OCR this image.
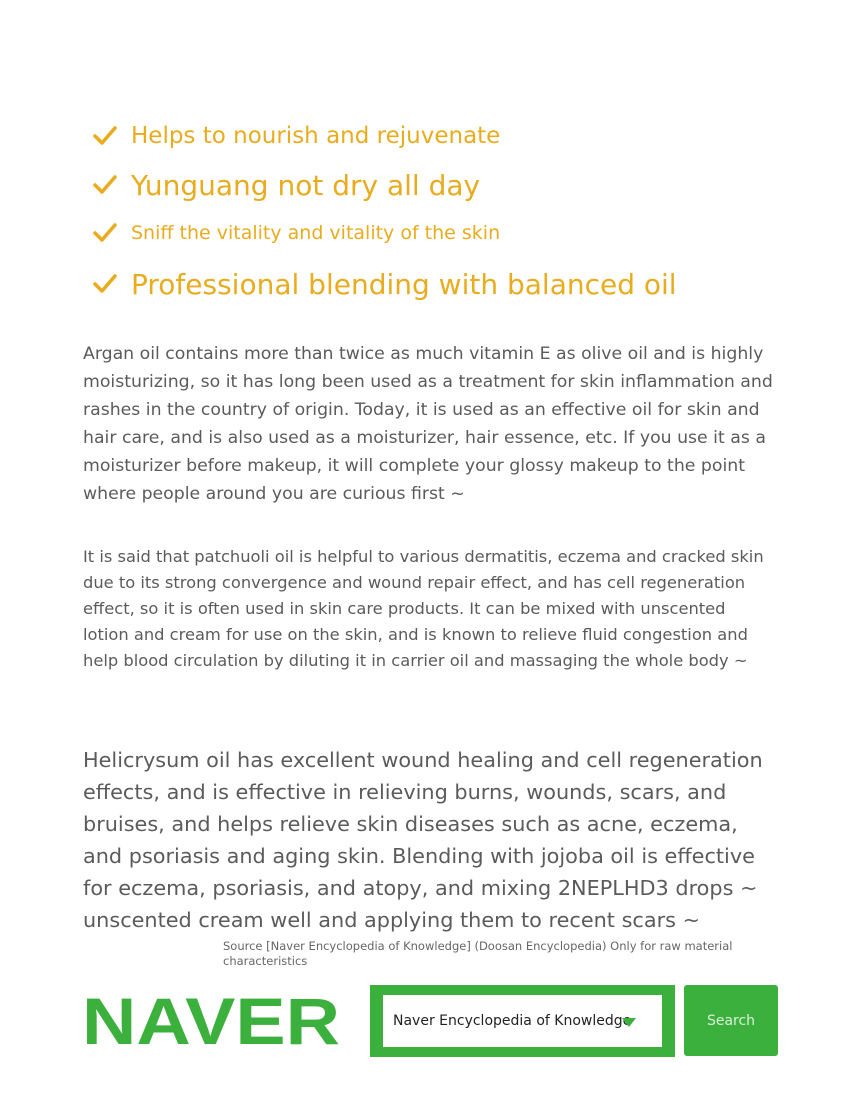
Helps to nourish and rejuvenate
Yunguang not dry all day
Sniff the vitality and vitality of the skin
Professional blending with balanced oil

Argan oil contains more than twice as much vitamin E as olive oil and is highly moisturizing, so it has long been used as a treatment for skin inflammation and rashes in the country of origin. Today, it is used as an effective oil for skin and hair care, and is also used as a moisturizer, hair essence, etc. If you use it as a moisturizer before makeup, it will complete your glossy makeup to the point where people around you are curious first ~

It is said that patchuoli oil is helpful to various dermatitis, eczema and cracked skin due to its strong convergence and wound repair effect, and has cell regeneration effect, so it is often used in skin care products. It can be mixed with unscented lotion and cream for use on the skin, and is known to relieve fluid congestion and help blood circulation by diluting it in carrier oil and massaging the whole body ~

Helicrysum oil has excellent wound healing and cell regeneration effects, and is effective in relieving burns, wounds, scars, and bruises, and helps relieve skin diseases such as acne, eczema, and psoriasis and aging skin. Blending with jojoba oil is effective for eczema, psoriasis, and atopy, and mixing 2NEPLHD3 drops ~ unscented cream well and applying them to recent scars ~

Source [Naver Encyclopedia of Knowledge] (Doosan Encyclopedia) Only for raw material characteristics
NAVER	Naver Encyclopedia of Knowledge	Search
